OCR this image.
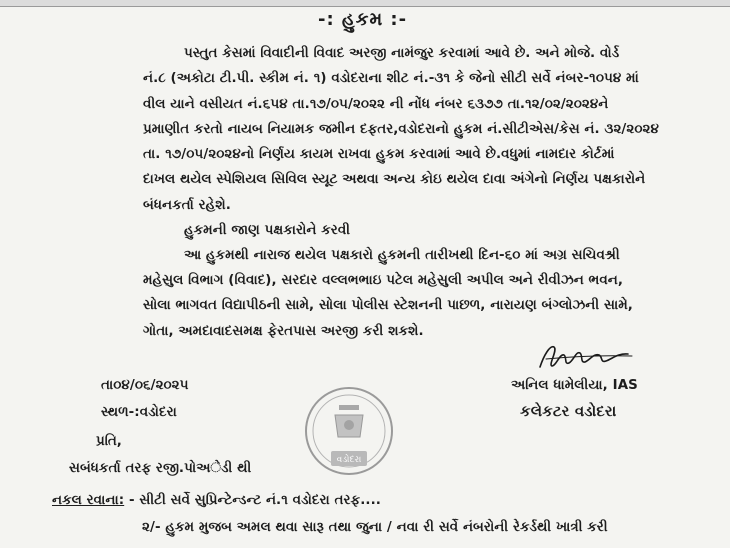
-: હુકમ :-
પસ્તુત કેસમાં વિવાદીની વિવાદ અરજી નામંજુર કરવામાં આવે છે. અને મોજે. વોર્ડ
નં.૮ (અકોટા ટી.પી. સ્કીમ નં. ૧) વડોદરાના શીટ નં.-૩૧ કે જેનો સીટી સર્વે નંબર-૧૦૫૪ માં
વીલ યાને વસીયત નં.૬૫૪ તા.૧૭/૦૫/૨૦૨૨ ની નોંધ નંબર ૬૩૭૭ તા.૧૨/૦૨/૨૦૨૪ને
પ્રમાણીત કરતો નાયબ નિયામક જમીન દફતર,વડોદરાનો હુકમ નં.સીટીએસ/કેસ નં. ૩૨/૨૦૨૪
તા. ૧૭/૦૫/૨૦૨૪નો નિર્ણય કાયમ રાખવા હુકમ કરવામાં આવે છે.વધુમાં નામદાર કોર્ટમાં
દાખલ થયેલ સ્પેશિયલ સિવિલ સ્યૂટ અથવા અન્ય કોઇ થયેલ દાવા અંગેનો નિર્ણય પક્ષકારોને
બંધનકર્તા રહેશે.
હુકમની જાણ પક્ષકારોને કરવી
આ હુકમથી નારાજ થયેલ પક્ષકારો હુકમની તારીખથી દિન-૬૦ માં અગ્ર સચિવશ્રી
મહેસુલ વિભાગ (વિવાદ), સરદાર વલ્લભભાઇ પટેલ મહેસુલી અપીલ અને રીવીઝન ભવન,
સોલા ભાગવત વિદ્યાપીઠની સામે, સોલા પોલીસ સ્ટેશનની પાછળ, નારાયણ બંગ્લોઝની સામે,
ગોતા, અમદાવાદસમક્ષ ફેરતપાસ અરજી કરી શકશે.
તા૦૪/૦૬/૨૦૨૫	અનિલ ધામેલીયા, IAS
સ્થળ-:વડોદરા	કલેકટર વડોદરા
વડોદરા
પ્રતિ,
સબંધકર્તા તરફ રજી.પોઅેડી થી
નકલ રવાના: - સીટી સર્વે સુપ્રિન્ટેન્ડન્ટ નં.૧ વડોદરા તરફ....
૨/- હુકમ મુજબ અમલ થવા સારૂ તથા જુના / નવા રી સર્વે નંબરોની રેકર્ડથી ખાત્રી કરી
